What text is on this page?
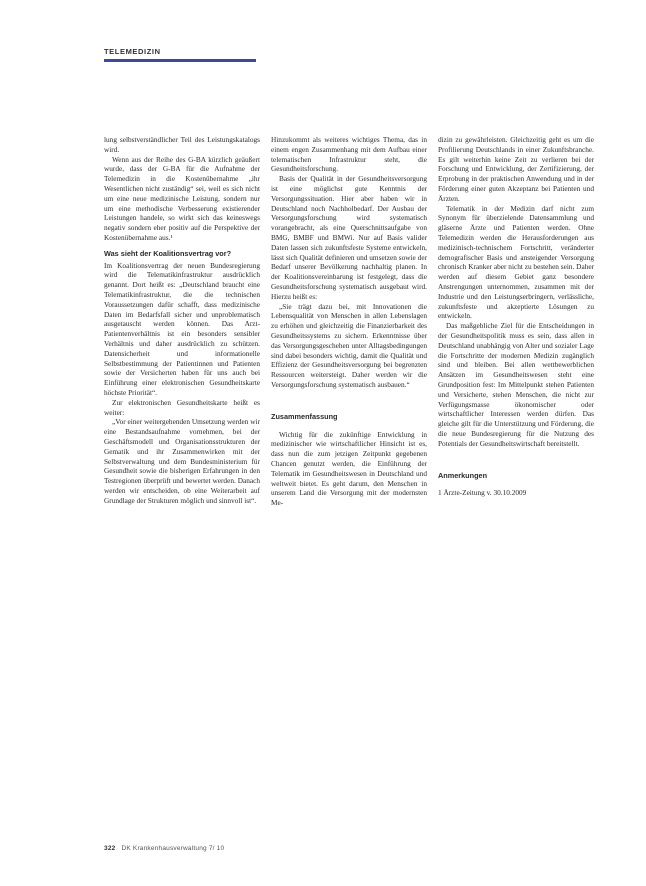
TELEMEDIZIN

lung selbstverständlicher Teil des Leistungskatalogs wird.

Wenn aus der Reihe des G-BA kürzlich geäußert wurde, dass der G-BA für die Aufnahme der Telemedizin in die Kostenübernahme „ihr Wesentlichen nicht zuständig“ sei, weil es sich nicht um eine neue medizinische Leistung, sondern nur um eine methodische Verbesserung existierender Leistungen handele, so wirkt sich das keineswegs negativ sondern eher positiv auf die Perspektive der Kostenübernahme aus.¹

Was sieht der Koalitionsvertrag vor?

Im Koalitionsvertrag der neuen Bundesregierung wird die Telematikinfrastruktur ausdrücklich genannt. Dort heißt es: „Deutschland braucht eine Telematikinfrastruktur, die die technischen Voraussetzungen dafür schafft, dass medizinische Daten im Bedarfsfall sicher und unproblematisch ausgetauscht werden können. Das Arzt-Patientenverhältnis ist ein besonders sensibler Verhältnis und daher ausdrücklich zu schützen. Datensicherheit und informationelle Selbstbestimmung der Patientinnen und Patienten sowie der Versicherten haben für uns auch bei Einführung einer elektronischen Gesundheitskarte höchste Priorität“.

Zur elektronischen Gesundheitskarte heißt es weiter:

„Vor einer weitergehenden Umsetzung werden wir eine Bestandsaufnahme vornehmen, bei der Geschäftsmodell und Organisationsstrukturen der Gematik und ihr Zusammenwirken mit der Selbstverwaltung und dem Bundesministerium für Gesundheit sowie die bisherigen Erfahrungen in den Testregionen überprüft und bewertet werden. Danach werden wir entscheiden, ob eine Weiterarbeit auf Grundlage der Strukturen möglich und sinnvoll ist“.

Hinzukommt als weiteres wichtiges Thema, das in einem engen Zusammenhang mit dem Aufbau einer telematischen Infrastruktur steht, die Gesundheitsforschung.

Basis der Qualität in der Gesundheitsversorgung ist eine möglichst gute Kenntnis der Versorgungssituation. Hier aber haben wir in Deutschland noch Nachholbedarf. Der Ausbau der Versorgungsforschung wird systematisch vorangebracht, als eine Querschnittsaufgabe von BMG, BMBF und BMWi. Nur auf Basis valider Daten lassen sich zukunftsfeste Systeme entwickeln, lässt sich Qualität definieren und umsetzen sowie der Bedarf unserer Bevölkerung nachhaltig planen. In der Koalitionsvereinbarung ist festgelegt, dass die Gesundheitsforschung systematisch ausgebaut wird. Hierzu heißt es:

„Sie trägt dazu bei, mit Innovationen die Lebensqualität von Menschen in allen Lebenslagen zu erhöhen und gleichzeitig die Finanzierbarkeit des Gesundheitssystems zu sichern. Erkenntnisse über das Versorgungsgeschehen unter Alltagsbedingungen sind dabei besonders wichtig, damit die Qualität und Effizienz der Gesundheitsversorgung bei begrenzten Ressourcen weitersteigt. Daher werden wir die Versorgungsforschung systematisch ausbauen.“

Zusammenfassung

Wichtig für die zukünftige Entwicklung in medizinischer wie wirtschaftlicher Hinsicht ist es, dass nun die zum jetzigen Zeitpunkt gegebenen Chancen genutzt werden, die Einführung der Telematik im Gesundheitswesen in Deutschland und weltweit bietet. Es geht darum, den Menschen in unserem Land die Versorgung mit der modernsten Me-

dizin zu gewährleisten. Gleichzeitig geht es um die Profilierung Deutschlands in einer Zukunftsbranche. Es gilt weiterhin keine Zeit zu verlieren bei der Forschung und Entwicklung, der Zertifizierung, der Erprobung in der praktischen Anwendung und in der Förderung einer guten Akzeptanz bei Patienten und Ärzten.

Telematik in der Medizin darf nicht zum Synonym für überzielende Datensammlung und gläserne Ärzte und Patienten werden. Ohne Telemedizin werden die Herausforderungen aus medizinisch-technischem Fortschritt, veränderter demografischer Basis und ansteigender Versorgung chronisch Kranker aber nicht zu bestehen sein. Daher werden auf diesem Gebiet ganz besondere Anstrengungen unternommen, zusammen mit der Industrie und den Leistungserbringern, verlässliche, zukunftsfeste und akzeptierte Lösungen zu entwickeln.

Das maßgebliche Ziel für die Entscheidungen in der Gesundheitspolitik muss es sein, dass allen in Deutschland unabhängig von Alter und sozialer Lage die Fortschritte der modernen Medizin zugänglich sind und bleiben. Bei allen wettbewerblichen Ansätzen im Gesundheitswesen steht eine Grundposition fest: Im Mittelpunkt stehen Patienten und Versicherte, stehen Menschen, die nicht zur Verfügungsmasse ökonomischer oder wirtschaftlicher Interessen werden dürfen. Das gleiche gilt für die Unterstützung und Förderung, die die neue Bundesregierung für die Nutzung des Potentials der Gesundheitswirtschaft bereitstellt.

Anmerkungen

1 Ärzte-Zeitung v. 30.10.2009

322 DK Krankenhausverwaltung 7/ 10
